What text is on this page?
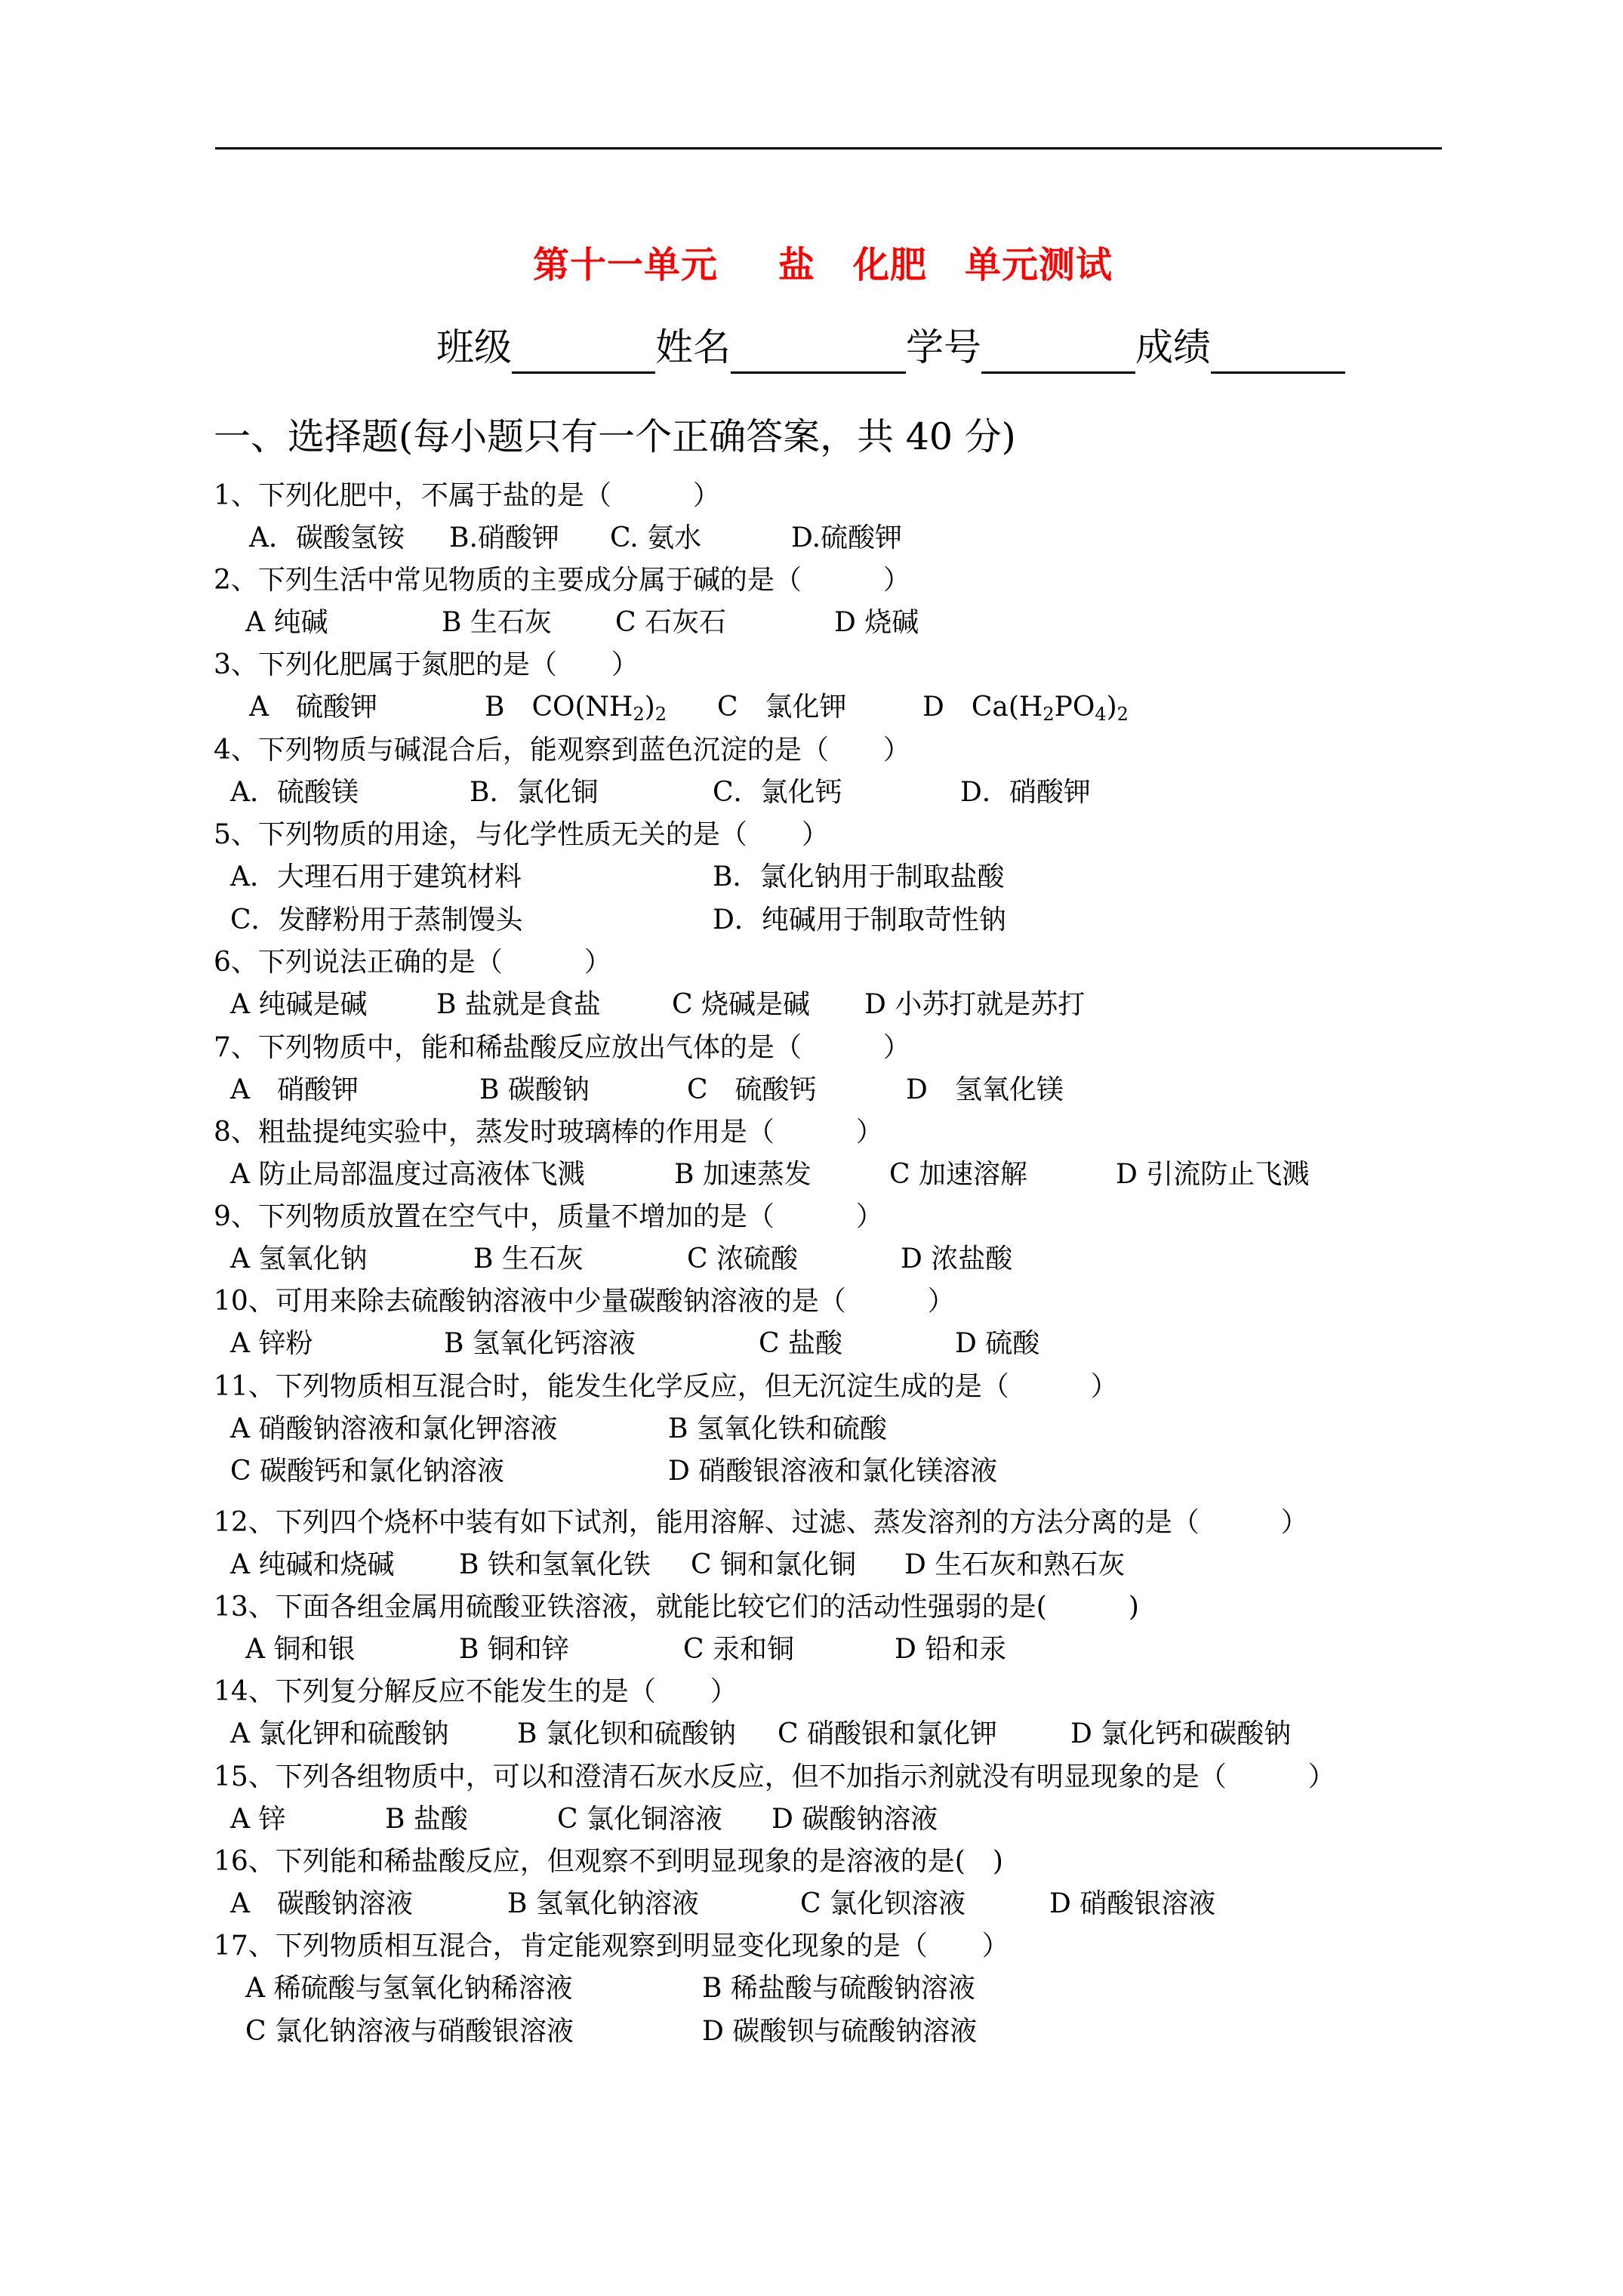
第十一单元 盐 化肥 单元测试
班级	姓名	学号	成绩
一、选择题(每小题只有一个正确答案，共 40 分)
1、下列化肥中，不属于盐的是（　　　）
A．碳酸氢铵 B.硝酸钾 C. 氨水	D.硫酸钾
2、下列生活中常见物质的主要成分属于碱的是（　　　）
A 纯碱	B 生石灰 C 石灰石	D 烧碱
3、下列化肥属于氮肥的是（　　）
A　硫酸钾	B　$CO(NH_2)_2$ C　氯化钾	D　$Ca(H_2PO_4)_2$
4、下列物质与碱混合后，能观察到蓝色沉淀的是（　　）
A．硫酸镁	B．氯化铜	C．氯化钙	D．硝酸钾
5、下列物质的用途，与化学性质无关的是（　　）
A．大理石用于建筑材料	B．氯化钠用于制取盐酸
C．发酵粉用于蒸制馒头	D．纯碱用于制取苛性钠
6、下列说法正确的是（　　　）
A 纯碱是碱	B 盐就是食盐	C 烧碱是碱 D 小苏打就是苏打
7、下列物质中，能和稀盐酸反应放出气体的是（　　　）
A　硝酸钾	B 碳酸钠	C　硫酸钙	D　氢氧化镁
8、粗盐提纯实验中，蒸发时玻璃棒的作用是（　　　）
A 防止局部温度过高液体飞溅	B 加速蒸发	C 加速溶解	D 引流防止飞溅
9、下列物质放置在空气中，质量不增加的是（　　　）
A 氢氧化钠	B 生石灰	C 浓硫酸	D 浓盐酸
10、可用来除去硫酸钠溶液中少量碳酸钠溶液的是（　　　）
A 锌粉	B 氢氧化钙溶液	C 盐酸	D 硫酸
11、下列物质相互混合时，能发生化学反应，但无沉淀生成的是（　　　）
A 硝酸钠溶液和氯化钾溶液	B 氢氧化铁和硫酸
C 碳酸钙和氯化钠溶液	D 硝酸银溶液和氯化镁溶液
12、下列四个烧杯中装有如下试剂，能用溶解、过滤、蒸发溶剂的方法分离的是（　　　）
A 纯碱和烧碱 B 铁和氢氧化铁 C 铜和氯化铜 D 生石灰和熟石灰
13、下面各组金属用硫酸亚铁溶液，就能比较它们的活动性强弱的是(　　　)
A 铜和银	B 铜和锌	C 汞和铜	D 铅和汞
14、下列复分解反应不能发生的是（　　）
A 氯化钾和硫酸钠	B 氯化钡和硫酸钠 C 硝酸银和氯化钾	D 氯化钙和碳酸钠
15、下列各组物质中，可以和澄清石灰水反应，但不加指示剂就没有明显现象的是（　　　）
A 锌	B 盐酸	C 氯化铜溶液 D 碳酸钠溶液
16、下列能和稀盐酸反应，但观察不到明显现象的是溶液的是(　)
A　碳酸钠溶液	B 氢氧化钠溶液	C 氯化钡溶液	D 硝酸银溶液
17、下列物质相互混合，肯定能观察到明显变化现象的是（　　）
A 稀硫酸与氢氧化钠稀溶液	B 稀盐酸与硫酸钠溶液
C 氯化钠溶液与硝酸银溶液	D 碳酸钡与硫酸钠溶液
